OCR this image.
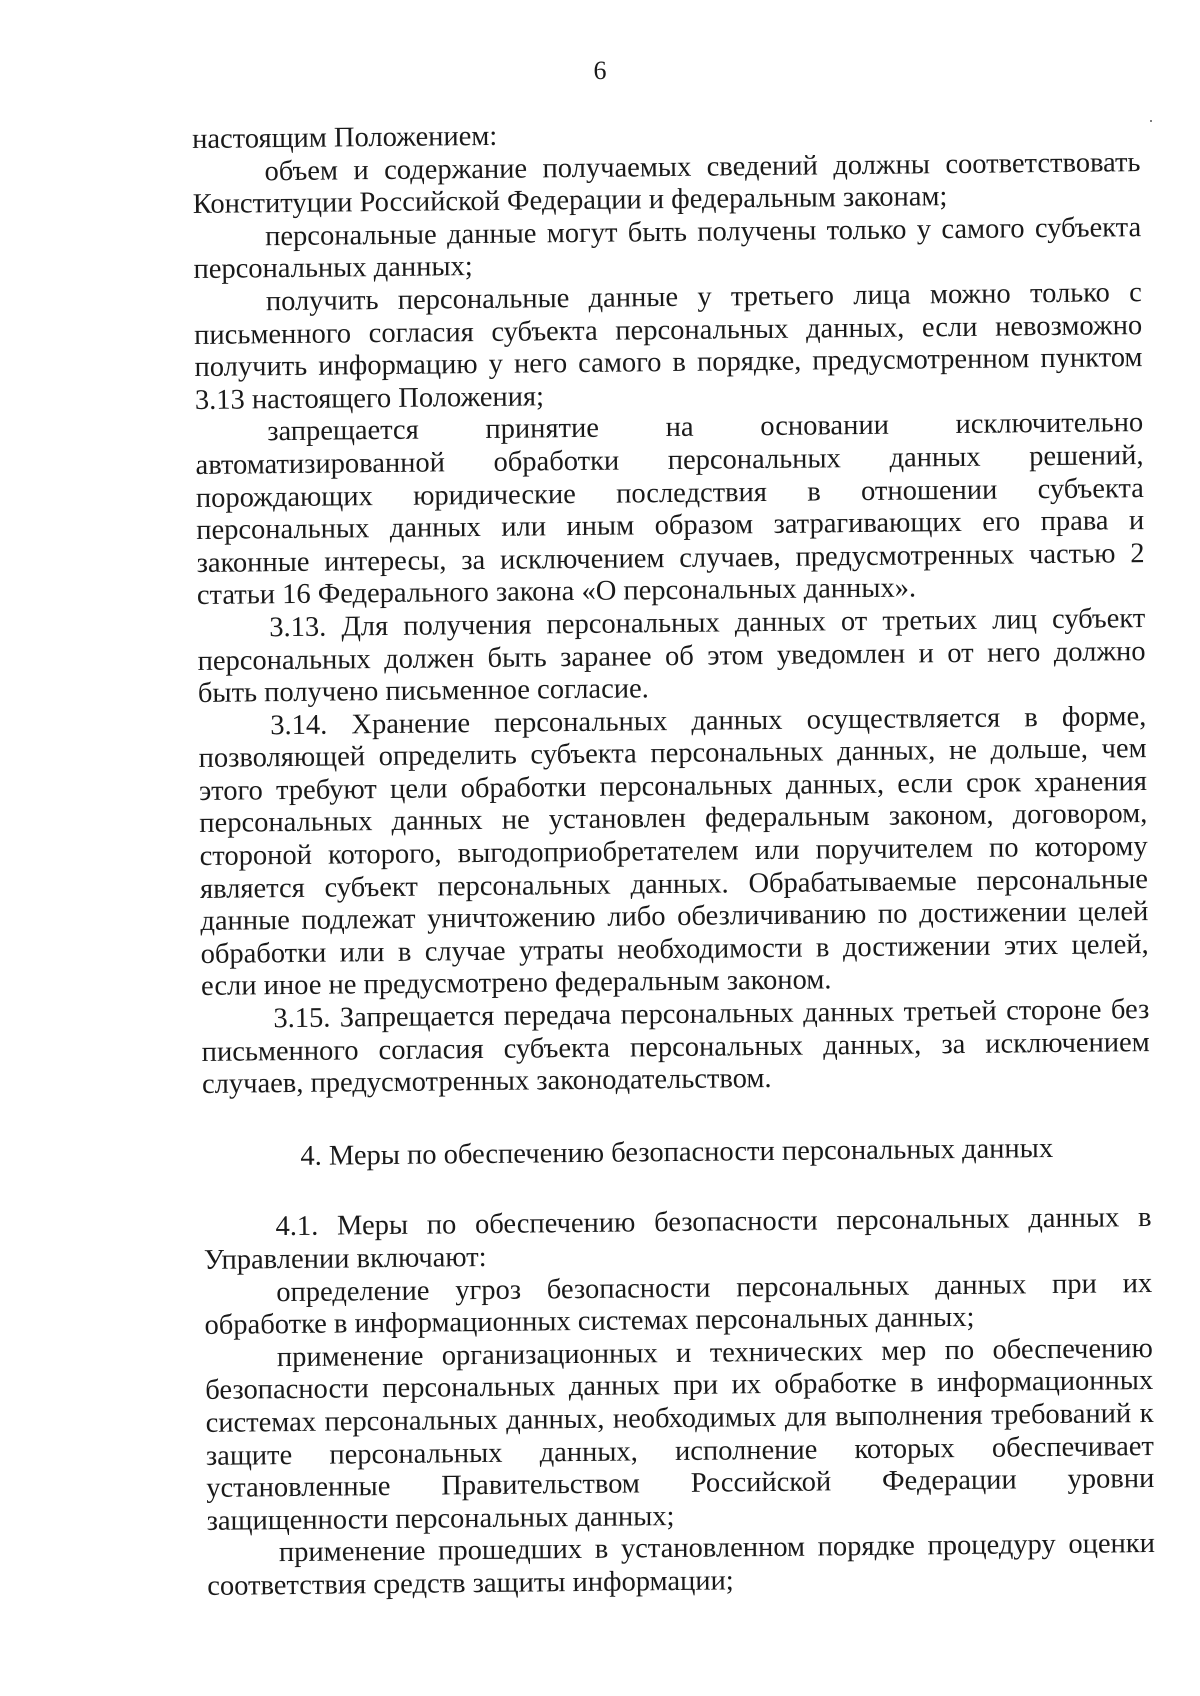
6

настоящим Положением:

объем и содержание получаемых сведений должны соответствовать Конституции Российской Федерации и федеральным законам;

персональные данные могут быть получены только у самого субъекта персональных данных;

получить персональные данные у третьего лица можно только с письменного согласия субъекта персональных данных, если невозможно получить информацию у него самого в порядке, предусмотренном пунктом 3.13 настоящего Положения;

запрещается принятие на основании исключительно автоматизированной обработки персональных данных решений, порождающих юридические последствия в отношении субъекта персональных данных или иным образом затрагивающих его права и законные интересы, за исключением случаев, предусмотренных частью 2 статьи 16 Федерального закона «О персональных данных».

3.13. Для получения персональных данных от третьих лиц субъект персональных должен быть заранее об этом уведомлен и от него должно быть получено письменное согласие.

3.14. Хранение персональных данных осуществляется в форме, позволяющей определить субъекта персональных данных, не дольше, чем этого требуют цели обработки персональных данных, если срок хранения персональных данных не установлен федеральным законом, договором, стороной которого, выгодоприобретателем или поручителем по которому является субъект персональных данных. Обрабатываемые персональные данные подлежат уничтожению либо обезличиванию по достижении целей обработки или в случае утраты необходимости в достижении этих целей, если иное не предусмотрено федеральным законом.

3.15. Запрещается передача персональных данных третьей стороне без письменного согласия субъекта персональных данных, за исключением случаев, предусмотренных законодательством.

4. Меры по обеспечению безопасности персональных данных

4.1. Меры по обеспечению безопасности персональных данных в Управлении включают:

определение угроз безопасности персональных данных при их обработке в информационных системах персональных данных;

применение организационных и технических мер по обеспечению безопасности персональных данных при их обработке в информационных системах персональных данных, необходимых для выполнения требований к защите персональных данных, исполнение которых обеспечивает установленные Правительством Российской Федерации уровни защищенности персональных данных;

применение прошедших в установленном порядке процедуру оценки соответствия средств защиты информации;
